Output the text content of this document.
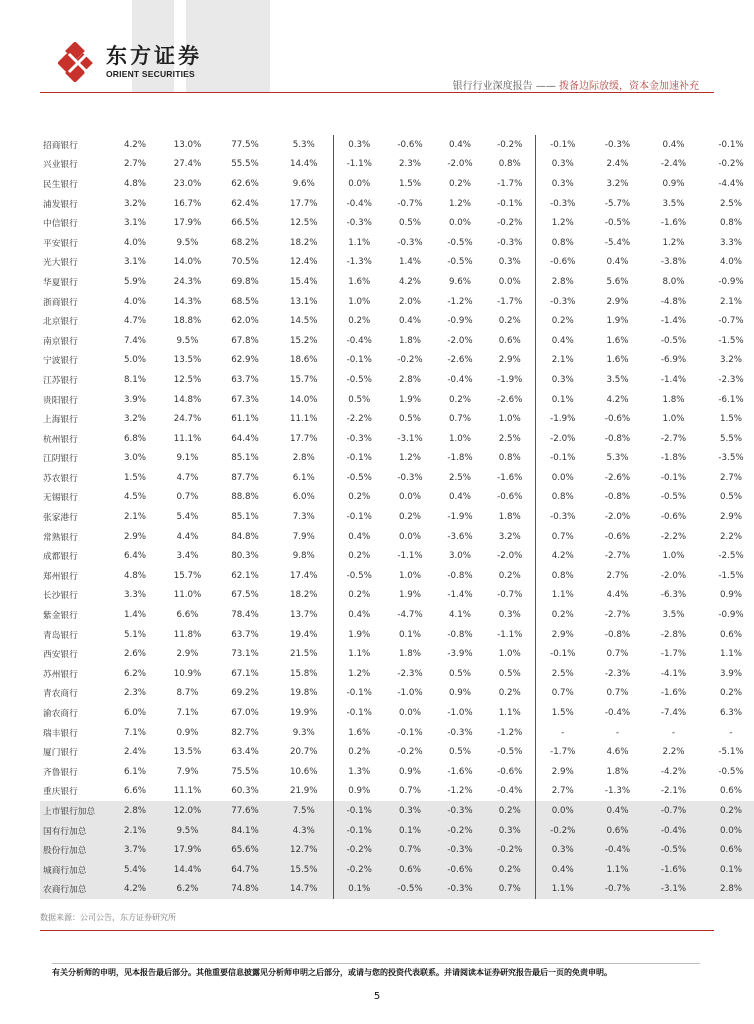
东方证券
ORIENT SECURITIES
银行行业深度报告 —— 拨备边际放缓，资本金加速补充
招商银行	4.2%	13.0%	77.5%	5.3%	0.3%	-0.6%	0.4%	-0.2%	-0.1%	-0.3%	0.4%	-0.1%
兴业银行	2.7%	27.4%	55.5%	14.4%	-1.1%	2.3%	-2.0%	0.8%	0.3%	2.4%	-2.4%	-0.2%
民生银行	4.8%	23.0%	62.6%	9.6%	0.0%	1.5%	0.2%	-1.7%	0.3%	3.2%	0.9%	-4.4%
浦发银行	3.2%	16.7%	62.4%	17.7%	-0.4%	-0.7%	1.2%	-0.1%	-0.3%	-5.7%	3.5%	2.5%
中信银行	3.1%	17.9%	66.5%	12.5%	-0.3%	0.5%	0.0%	-0.2%	1.2%	-0.5%	-1.6%	0.8%
平安银行	4.0%	9.5%	68.2%	18.2%	1.1%	-0.3%	-0.5%	-0.3%	0.8%	-5.4%	1.2%	3.3%
光大银行	3.1%	14.0%	70.5%	12.4%	-1.3%	1.4%	-0.5%	0.3%	-0.6%	0.4%	-3.8%	4.0%
华夏银行	5.9%	24.3%	69.8%	15.4%	1.6%	4.2%	9.6%	0.0%	2.8%	5.6%	8.0%	-0.9%
浙商银行	4.0%	14.3%	68.5%	13.1%	1.0%	2.0%	-1.2%	-1.7%	-0.3%	2.9%	-4.8%	2.1%
北京银行	4.7%	18.8%	62.0%	14.5%	0.2%	0.4%	-0.9%	0.2%	0.2%	1.9%	-1.4%	-0.7%
南京银行	7.4%	9.5%	67.8%	15.2%	-0.4%	1.8%	-2.0%	0.6%	0.4%	1.6%	-0.5%	-1.5%
宁波银行	5.0%	13.5%	62.9%	18.6%	-0.1%	-0.2%	-2.6%	2.9%	2.1%	1.6%	-6.9%	3.2%
江苏银行	8.1%	12.5%	63.7%	15.7%	-0.5%	2.8%	-0.4%	-1.9%	0.3%	3.5%	-1.4%	-2.3%
贵阳银行	3.9%	14.8%	67.3%	14.0%	0.5%	1.9%	0.2%	-2.6%	0.1%	4.2%	1.8%	-6.1%
上海银行	3.2%	24.7%	61.1%	11.1%	-2.2%	0.5%	0.7%	1.0%	-1.9%	-0.6%	1.0%	1.5%
杭州银行	6.8%	11.1%	64.4%	17.7%	-0.3%	-3.1%	1.0%	2.5%	-2.0%	-0.8%	-2.7%	5.5%
江阴银行	3.0%	9.1%	85.1%	2.8%	-0.1%	1.2%	-1.8%	0.8%	-0.1%	5.3%	-1.8%	-3.5%
苏农银行	1.5%	4.7%	87.7%	6.1%	-0.5%	-0.3%	2.5%	-1.6%	0.0%	-2.6%	-0.1%	2.7%
无锡银行	4.5%	0.7%	88.8%	6.0%	0.2%	0.0%	0.4%	-0.6%	0.8%	-0.8%	-0.5%	0.5%
张家港行	2.1%	5.4%	85.1%	7.3%	-0.1%	0.2%	-1.9%	1.8%	-0.3%	-2.0%	-0.6%	2.9%
常熟银行	2.9%	4.4%	84.8%	7.9%	0.4%	0.0%	-3.6%	3.2%	0.7%	-0.6%	-2.2%	2.2%
成都银行	6.4%	3.4%	80.3%	9.8%	0.2%	-1.1%	3.0%	-2.0%	4.2%	-2.7%	1.0%	-2.5%
郑州银行	4.8%	15.7%	62.1%	17.4%	-0.5%	1.0%	-0.8%	0.2%	0.8%	2.7%	-2.0%	-1.5%
长沙银行	3.3%	11.0%	67.5%	18.2%	0.2%	1.9%	-1.4%	-0.7%	1.1%	4.4%	-6.3%	0.9%
紫金银行	1.4%	6.6%	78.4%	13.7%	0.4%	-4.7%	4.1%	0.3%	0.2%	-2.7%	3.5%	-0.9%
青岛银行	5.1%	11.8%	63.7%	19.4%	1.9%	0.1%	-0.8%	-1.1%	2.9%	-0.8%	-2.8%	0.6%
西安银行	2.6%	2.9%	73.1%	21.5%	1.1%	1.8%	-3.9%	1.0%	-0.1%	0.7%	-1.7%	1.1%
苏州银行	6.2%	10.9%	67.1%	15.8%	1.2%	-2.3%	0.5%	0.5%	2.5%	-2.3%	-4.1%	3.9%
青农商行	2.3%	8.7%	69.2%	19.8%	-0.1%	-1.0%	0.9%	0.2%	0.7%	0.7%	-1.6%	0.2%
渝农商行	6.0%	7.1%	67.0%	19.9%	-0.1%	0.0%	-1.0%	1.1%	1.5%	-0.4%	-7.4%	6.3%
瑞丰银行	7.1%	0.9%	82.7%	9.3%	1.6%	-0.1%	-0.3%	-1.2%	-	-	-	-
厦门银行	2.4%	13.5%	63.4%	20.7%	0.2%	-0.2%	0.5%	-0.5%	-1.7%	4.6%	2.2%	-5.1%
齐鲁银行	6.1%	7.9%	75.5%	10.6%	1.3%	0.9%	-1.6%	-0.6%	2.9%	1.8%	-4.2%	-0.5%
重庆银行	6.6%	11.1%	60.3%	21.9%	0.9%	0.7%	-1.2%	-0.4%	2.7%	-1.3%	-2.1%	0.6%
上市银行加总	2.8%	12.0%	77.6%	7.5%	-0.1%	0.3%	-0.3%	0.2%	0.0%	0.4%	-0.7%	0.2%
国有行加总	2.1%	9.5%	84.1%	4.3%	-0.1%	0.1%	-0.2%	0.3%	-0.2%	0.6%	-0.4%	0.0%
股份行加总	3.7%	17.9%	65.6%	12.7%	-0.2%	0.7%	-0.3%	-0.2%	0.3%	-0.4%	-0.5%	0.6%
城商行加总	5.4%	14.4%	64.7%	15.5%	-0.2%	0.6%	-0.6%	0.2%	0.4%	1.1%	-1.6%	0.1%
农商行加总	4.2%	6.2%	74.8%	14.7%	0.1%	-0.5%	-0.3%	0.7%	1.1%	-0.7%	-3.1%	2.8%
数据来源：公司公告，东方证券研究所
有关分析师的申明，见本报告最后部分。其他重要信息披露见分析师申明之后部分，或请与您的投资代表联系。并请阅读本证券研究报告最后一页的免责申明。
5
